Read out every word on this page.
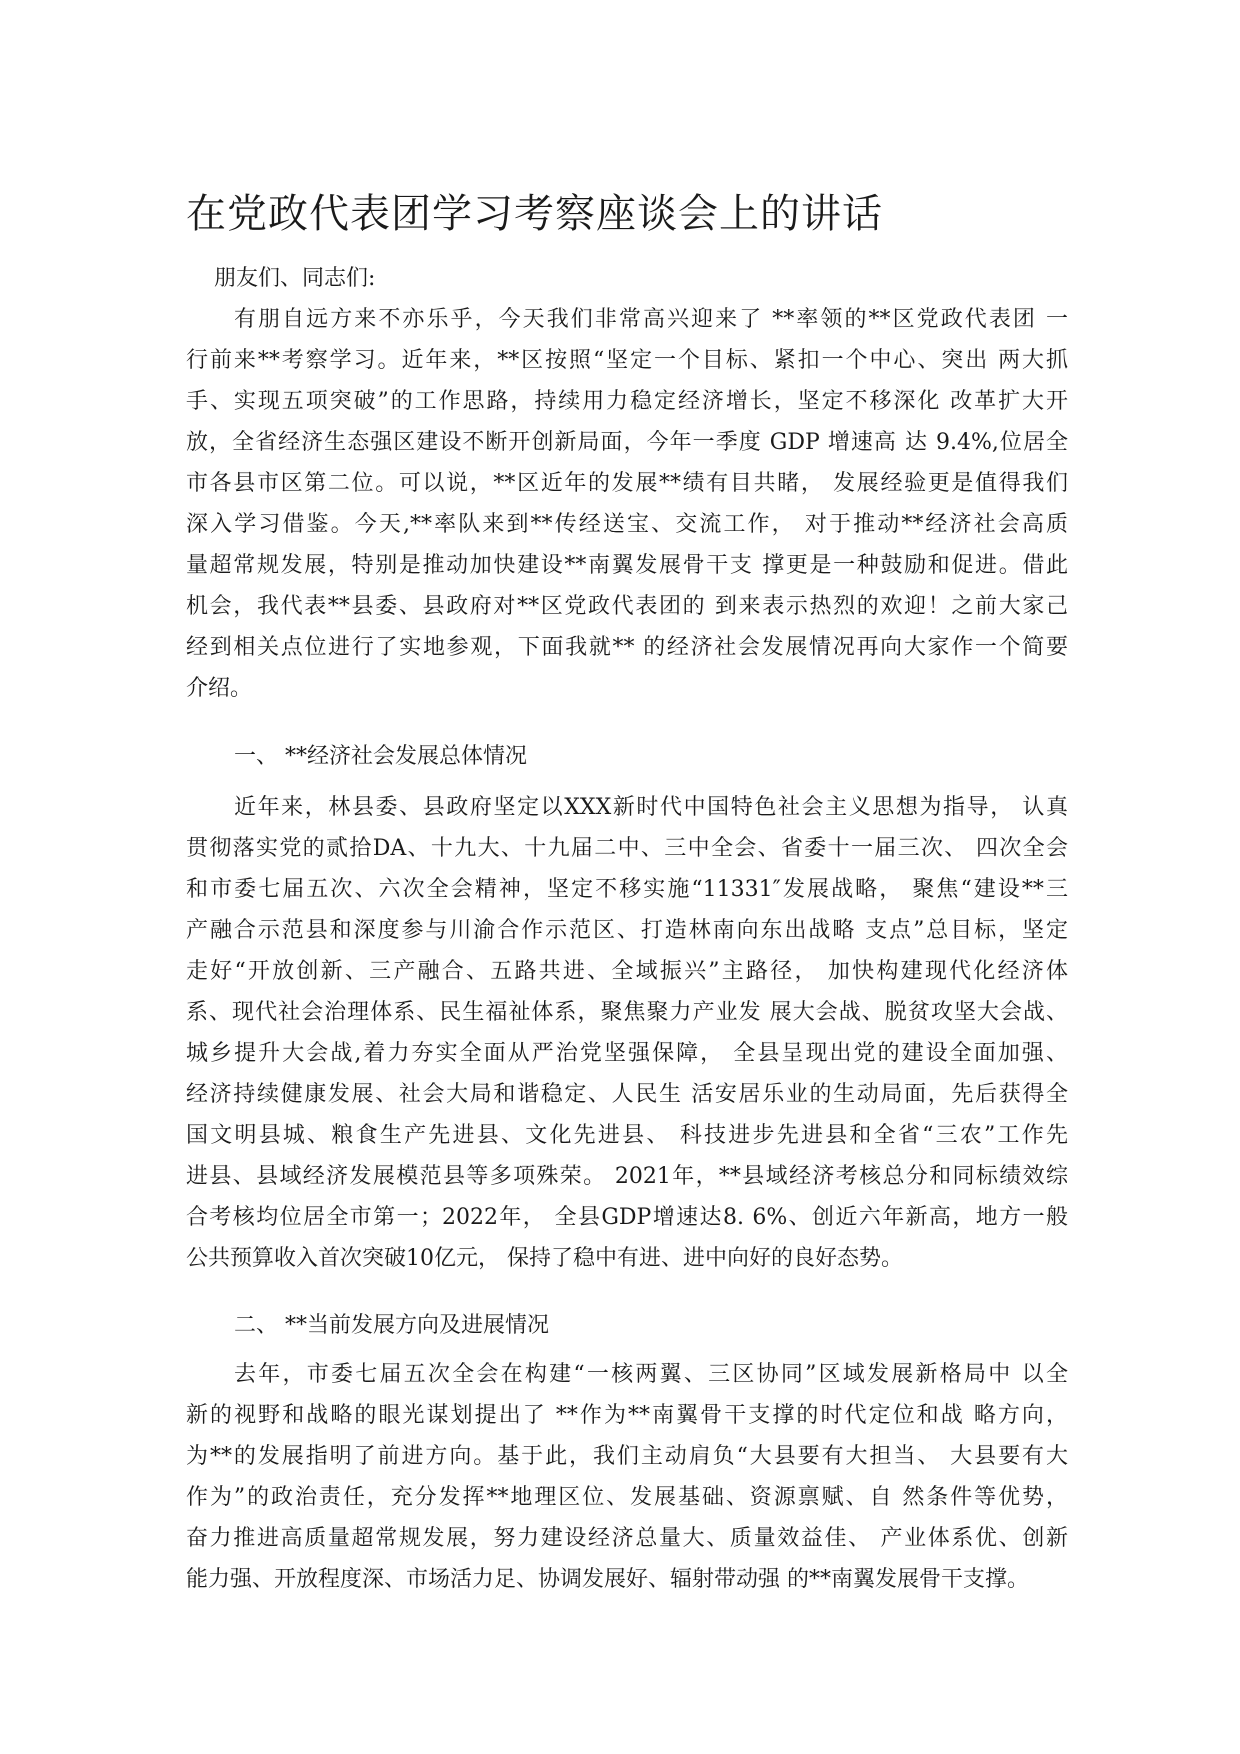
在党政代表团学习考察座谈会上的讲话

朋友们、同志们:

有朋自远方来不亦乐乎，今天我们非常高兴迎来了 **率领的**区党政代表团 一
行前来**考察学习。近年来，**区按照“坚定一个目标、紧扣一个中心、突出 两大抓
手、实现五项突破”的工作思路，持续用力稳定经济增长，坚定不移深化 改革扩大开
放，全省经济生态强区建设不断开创新局面，今年一季度 GDP 增速高 达 9.4%,位居全
市各县市区第二位。可以说，**区近年的发展**绩有目共睹， 发展经验更是值得我们
深入学习借鉴。今天,**率队来到**传经送宝、交流工作， 对于推动**经济社会高质
量超常规发展，特别是推动加快建设**南翼发展骨干支 撑更是一种鼓励和促进。借此
机会，我代表**县委、县政府对**区党政代表团的 到来表示热烈的欢迎！之前大家己
经到相关点位进行了实地参观，下面我就** 的经济社会发展情况再向大家作一个简要
介绍。
一、 **经济社会发展总体情况
近年来，林县委、县政府坚定以XXX新时代中国特色社会主义思想为指导， 认真
贯彻落实党的贰拾DA、十九大、十九届二中、三中全会、省委十一届三次、 四次全会
和市委七届五次、六次全会精神，坚定不移实施“11331″发展战略， 聚焦“建设**三
产融合示范县和深度参与川渝合作示范区、打造林南向东出战略 支点”总目标，坚定
走好“开放创新、三产融合、五路共进、全域振兴”主路径， 加快构建现代化经济体
系、现代社会治理体系、民生福祉体系，聚焦聚力产业发 展大会战、脱贫攻坚大会战、
城乡提升大会战,着力夯实全面从严治党坚强保障， 全县呈现出党的建设全面加强、
经济持续健康发展、社会大局和谐稳定、人民生 活安居乐业的生动局面，先后获得全
国文明县城、粮食生产先进县、文化先进县、 科技进步先进县和全省“三农”工作先
进县、县域经济发展模范县等多项殊荣。 2021年，**县域经济考核总分和同标绩效综
合考核均位居全市第一；2022年， 全县GDP增速达8. 6%、创近六年新高，地方一般
公共预算收入首次突破10亿元， 保持了稳中有进、进中向好的良好态势。
二、 **当前发展方向及进展情况
去年，市委七届五次全会在构建“一核两翼、三区协同”区域发展新格局中 以全
新的视野和战略的眼光谋划提出了 **作为**南翼骨干支撑的时代定位和战 略方向，
为**的发展指明了前进方向。基于此，我们主动肩负“大县要有大担当、 大县要有大
作为”的政治责任，充分发挥**地理区位、发展基础、资源禀赋、自 然条件等优势，
奋力推进高质量超常规发展，努力建设经济总量大、质量效益佳、 产业体系优、创新
能力强、开放程度深、市场活力足、协调发展好、辐射带动强 的**南翼发展骨干支撑。
